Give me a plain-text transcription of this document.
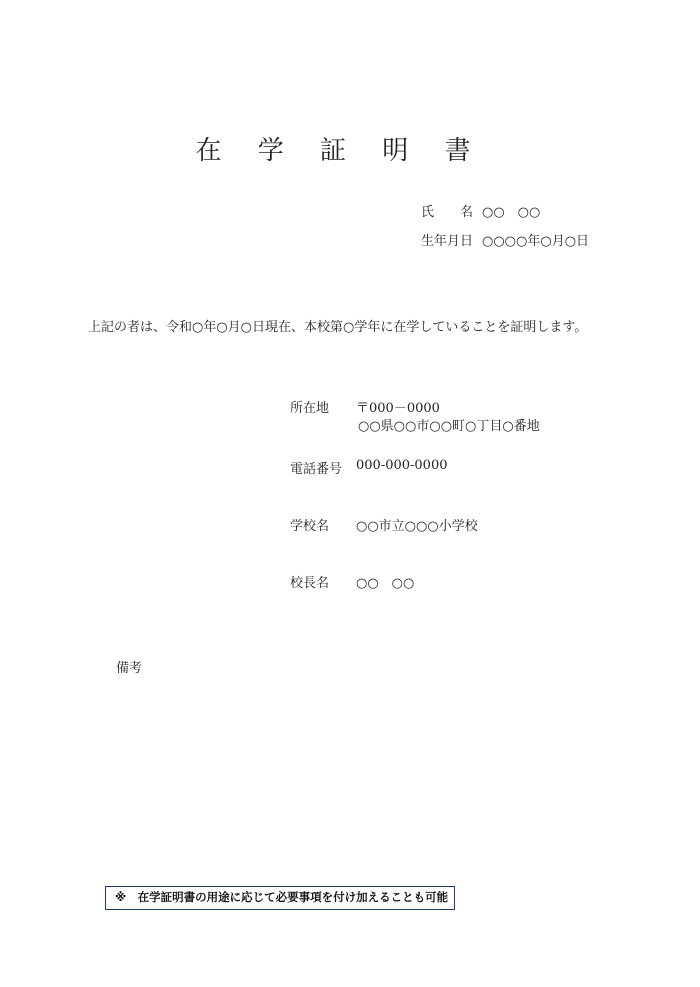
在 学 証 明 書
氏　　名 ○○　○○
生年月日 ○○○○年○月○日
上記の者は、令和○年○月○日現在、本校第○学年に在学していることを証明します。
所在地 〒000－0000
○○県○○市○○町○丁目○番地
電話番号 000-000-0000
学校名 ○○市立○○○小学校
校長名 ○○　○○
備考
※　在学証明書の用途に応じて必要事項を付け加えることも可能
